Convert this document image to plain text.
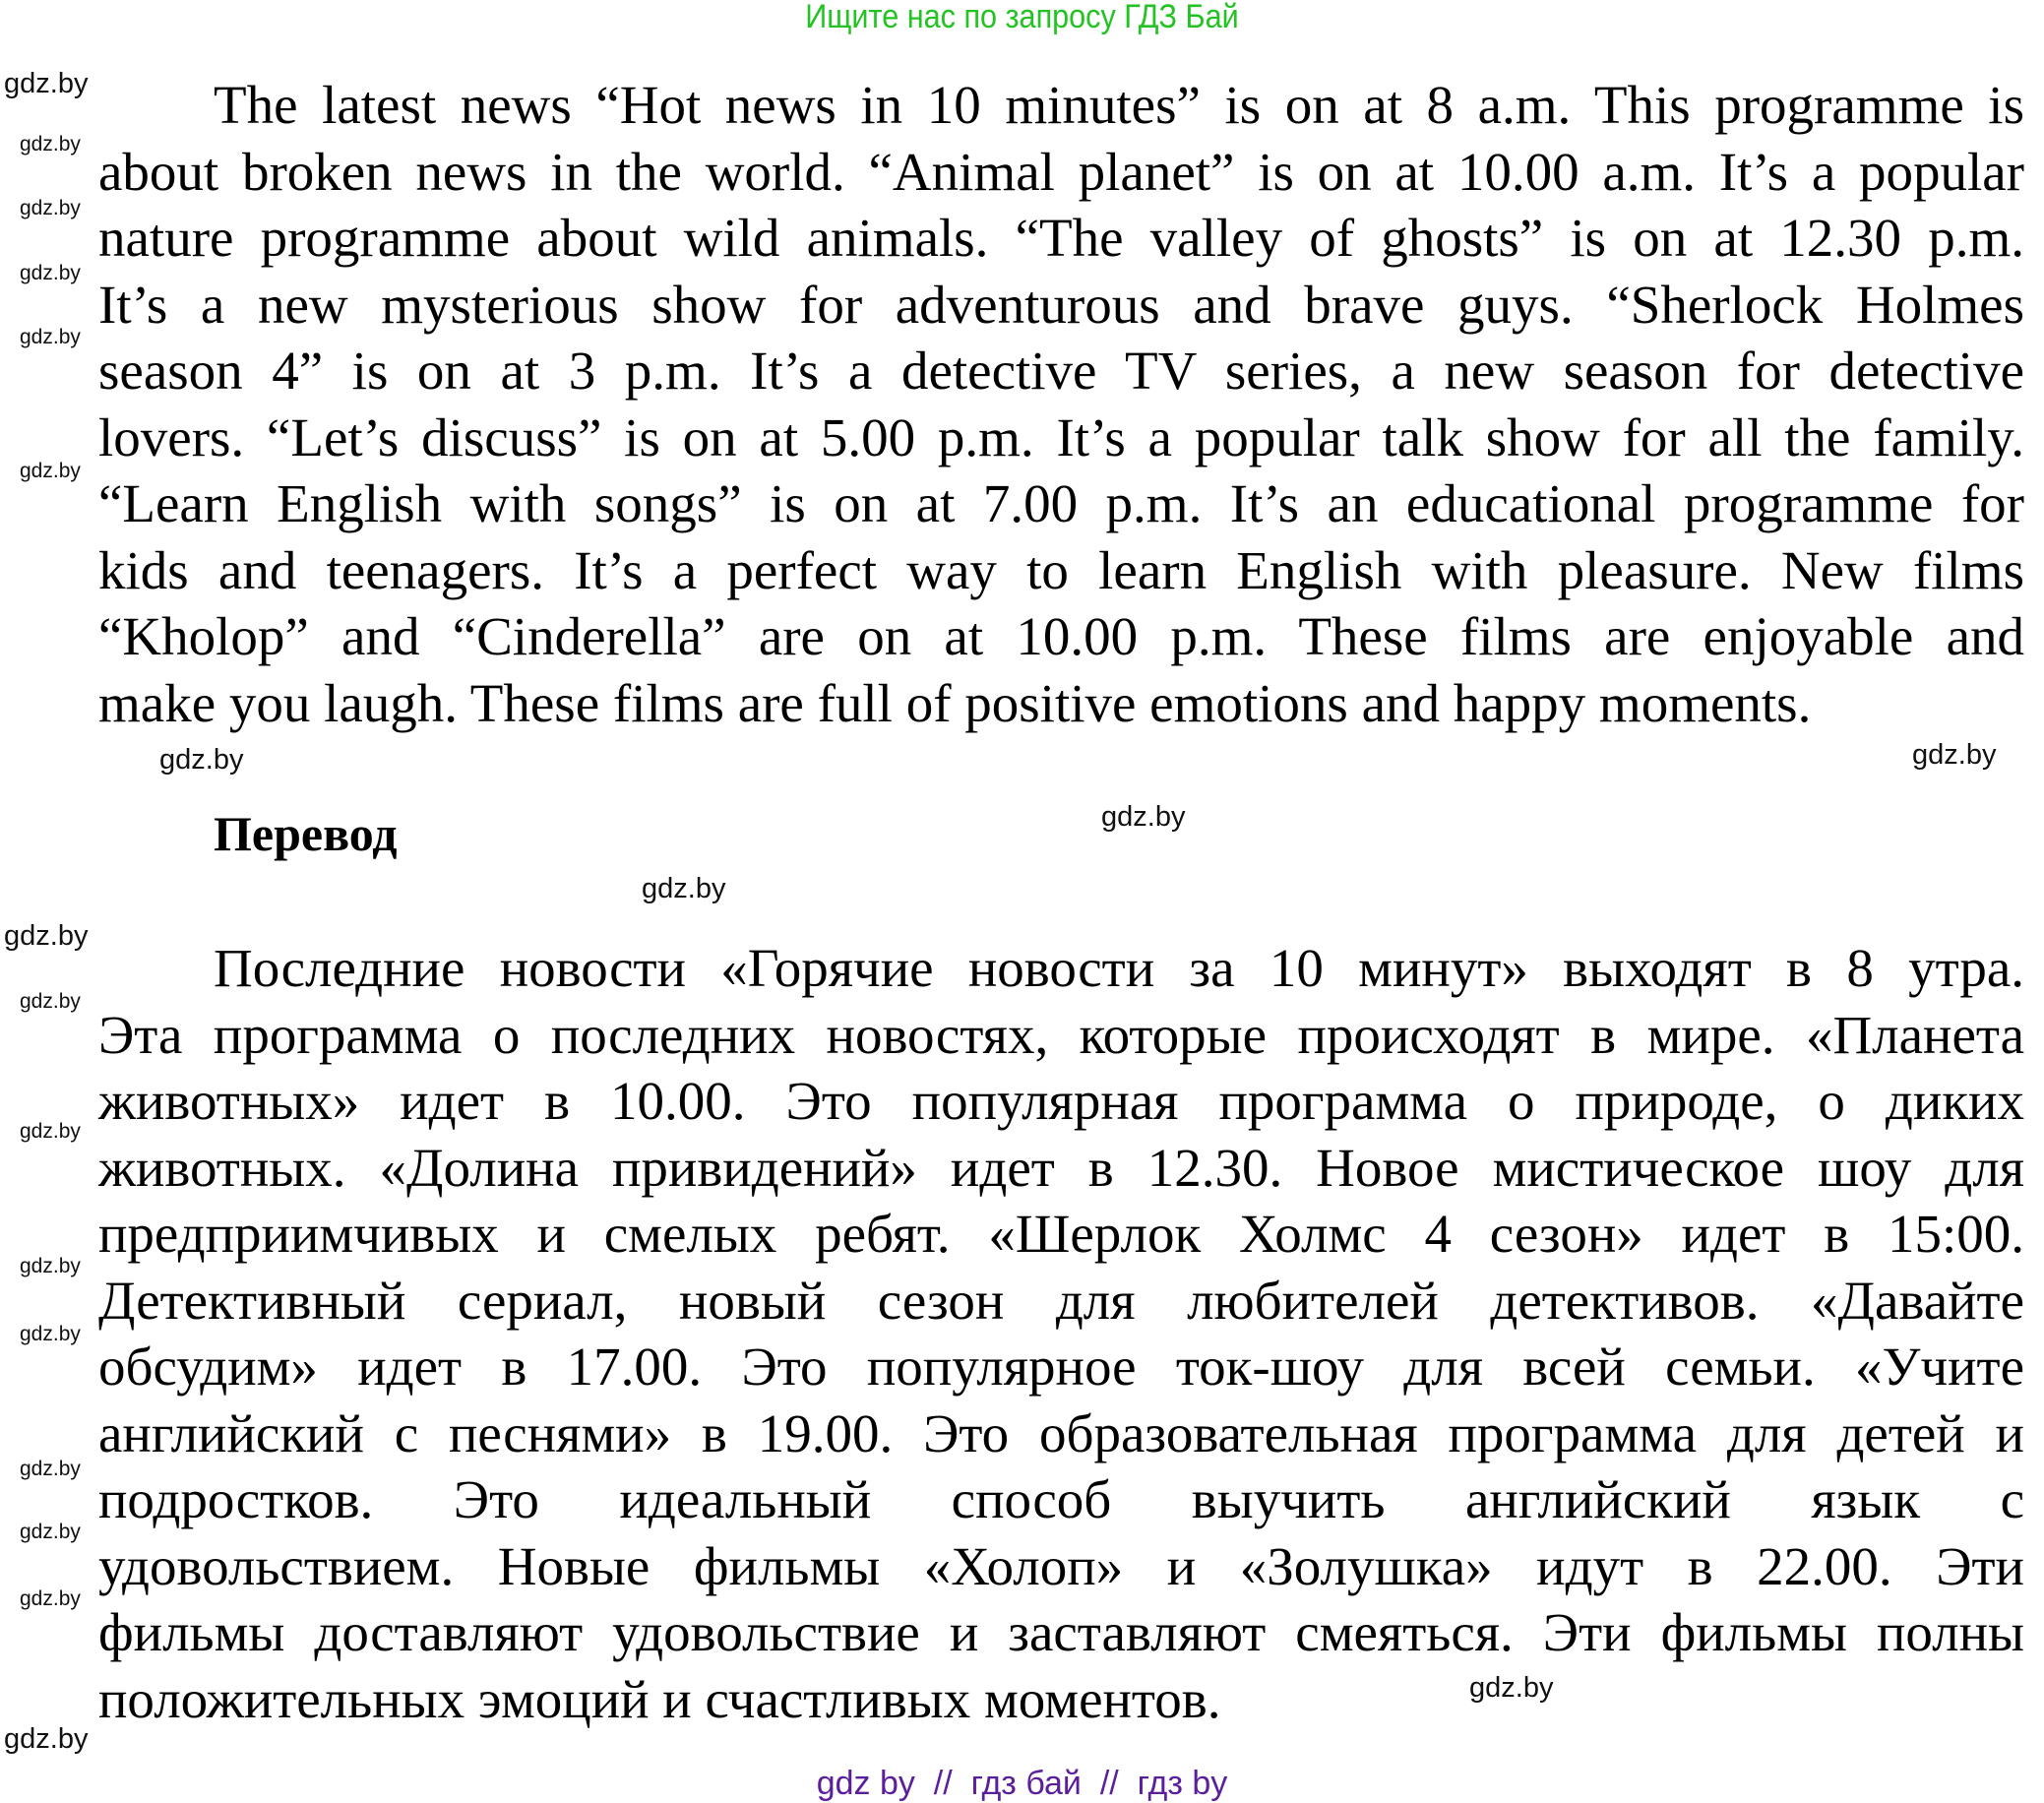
Ищите нас по запросу ГДЗ Бай
The latest news “Hot news in 10 minutes” is on at 8 a.m. This programme is
about broken news in the world. “Animal planet” is on at 10.00 a.m. It’s a popular
nature programme about wild animals. “The valley of ghosts” is on at 12.30 p.m.
It’s a new mysterious show for adventurous and brave guys. “Sherlock Holmes
season 4” is on at 3 p.m. It’s a detective TV series, a new season for detective
lovers. “Let’s discuss” is on at 5.00 p.m. It’s a popular talk show for all the family.
“Learn English with songs” is on at 7.00 p.m. It’s an educational programme for
kids and teenagers. It’s a perfect way to learn English with pleasure. New films
“Kholop” and “Cinderella” are on at 10.00 p.m. These films are enjoyable and
make you laugh. These films are full of positive emotions and happy moments.
Перевод
Последние новости «Горячие новости за 10 минут» выходят в 8 утра.
Эта программа о последних новостях, которые происходят в мире. «Планета
животных» идет в 10.00. Это популярная программа о природе, о диких
животных. «Долина привидений» идет в 12.30. Новое мистическое шоу для
предприимчивых и смелых ребят. «Шерлок Холмс 4 сезон» идет в 15:00.
Детективный сериал, новый сезон для любителей детективов. «Давайте
обсудим» идет в 17.00. Это популярное ток-шоу для всей семьи. «Учите
английский с песнями» в 19.00. Это образовательная программа для детей и
подростков. Это идеальный способ выучить английский язык с
удовольствием. Новые фильмы «Холоп» и «Золушка» идут в 22.00. Эти
фильмы доставляют удовольствие и заставляют смеяться. Эти фильмы полны
положительных эмоций и счастливых моментов.
gdz.by
gdz.by
gdz.by
gdz.by
gdz.by
gdz.by
gdz.by
gdz.by
gdz.by
gdz.by
gdz.by
gdz.by
gdz.by
gdz.by
gdz.by
gdz.by
gdz.by
gdz.by
gdz.by
gdz.by
gdz by  //  гдз бай  //  гдз by
